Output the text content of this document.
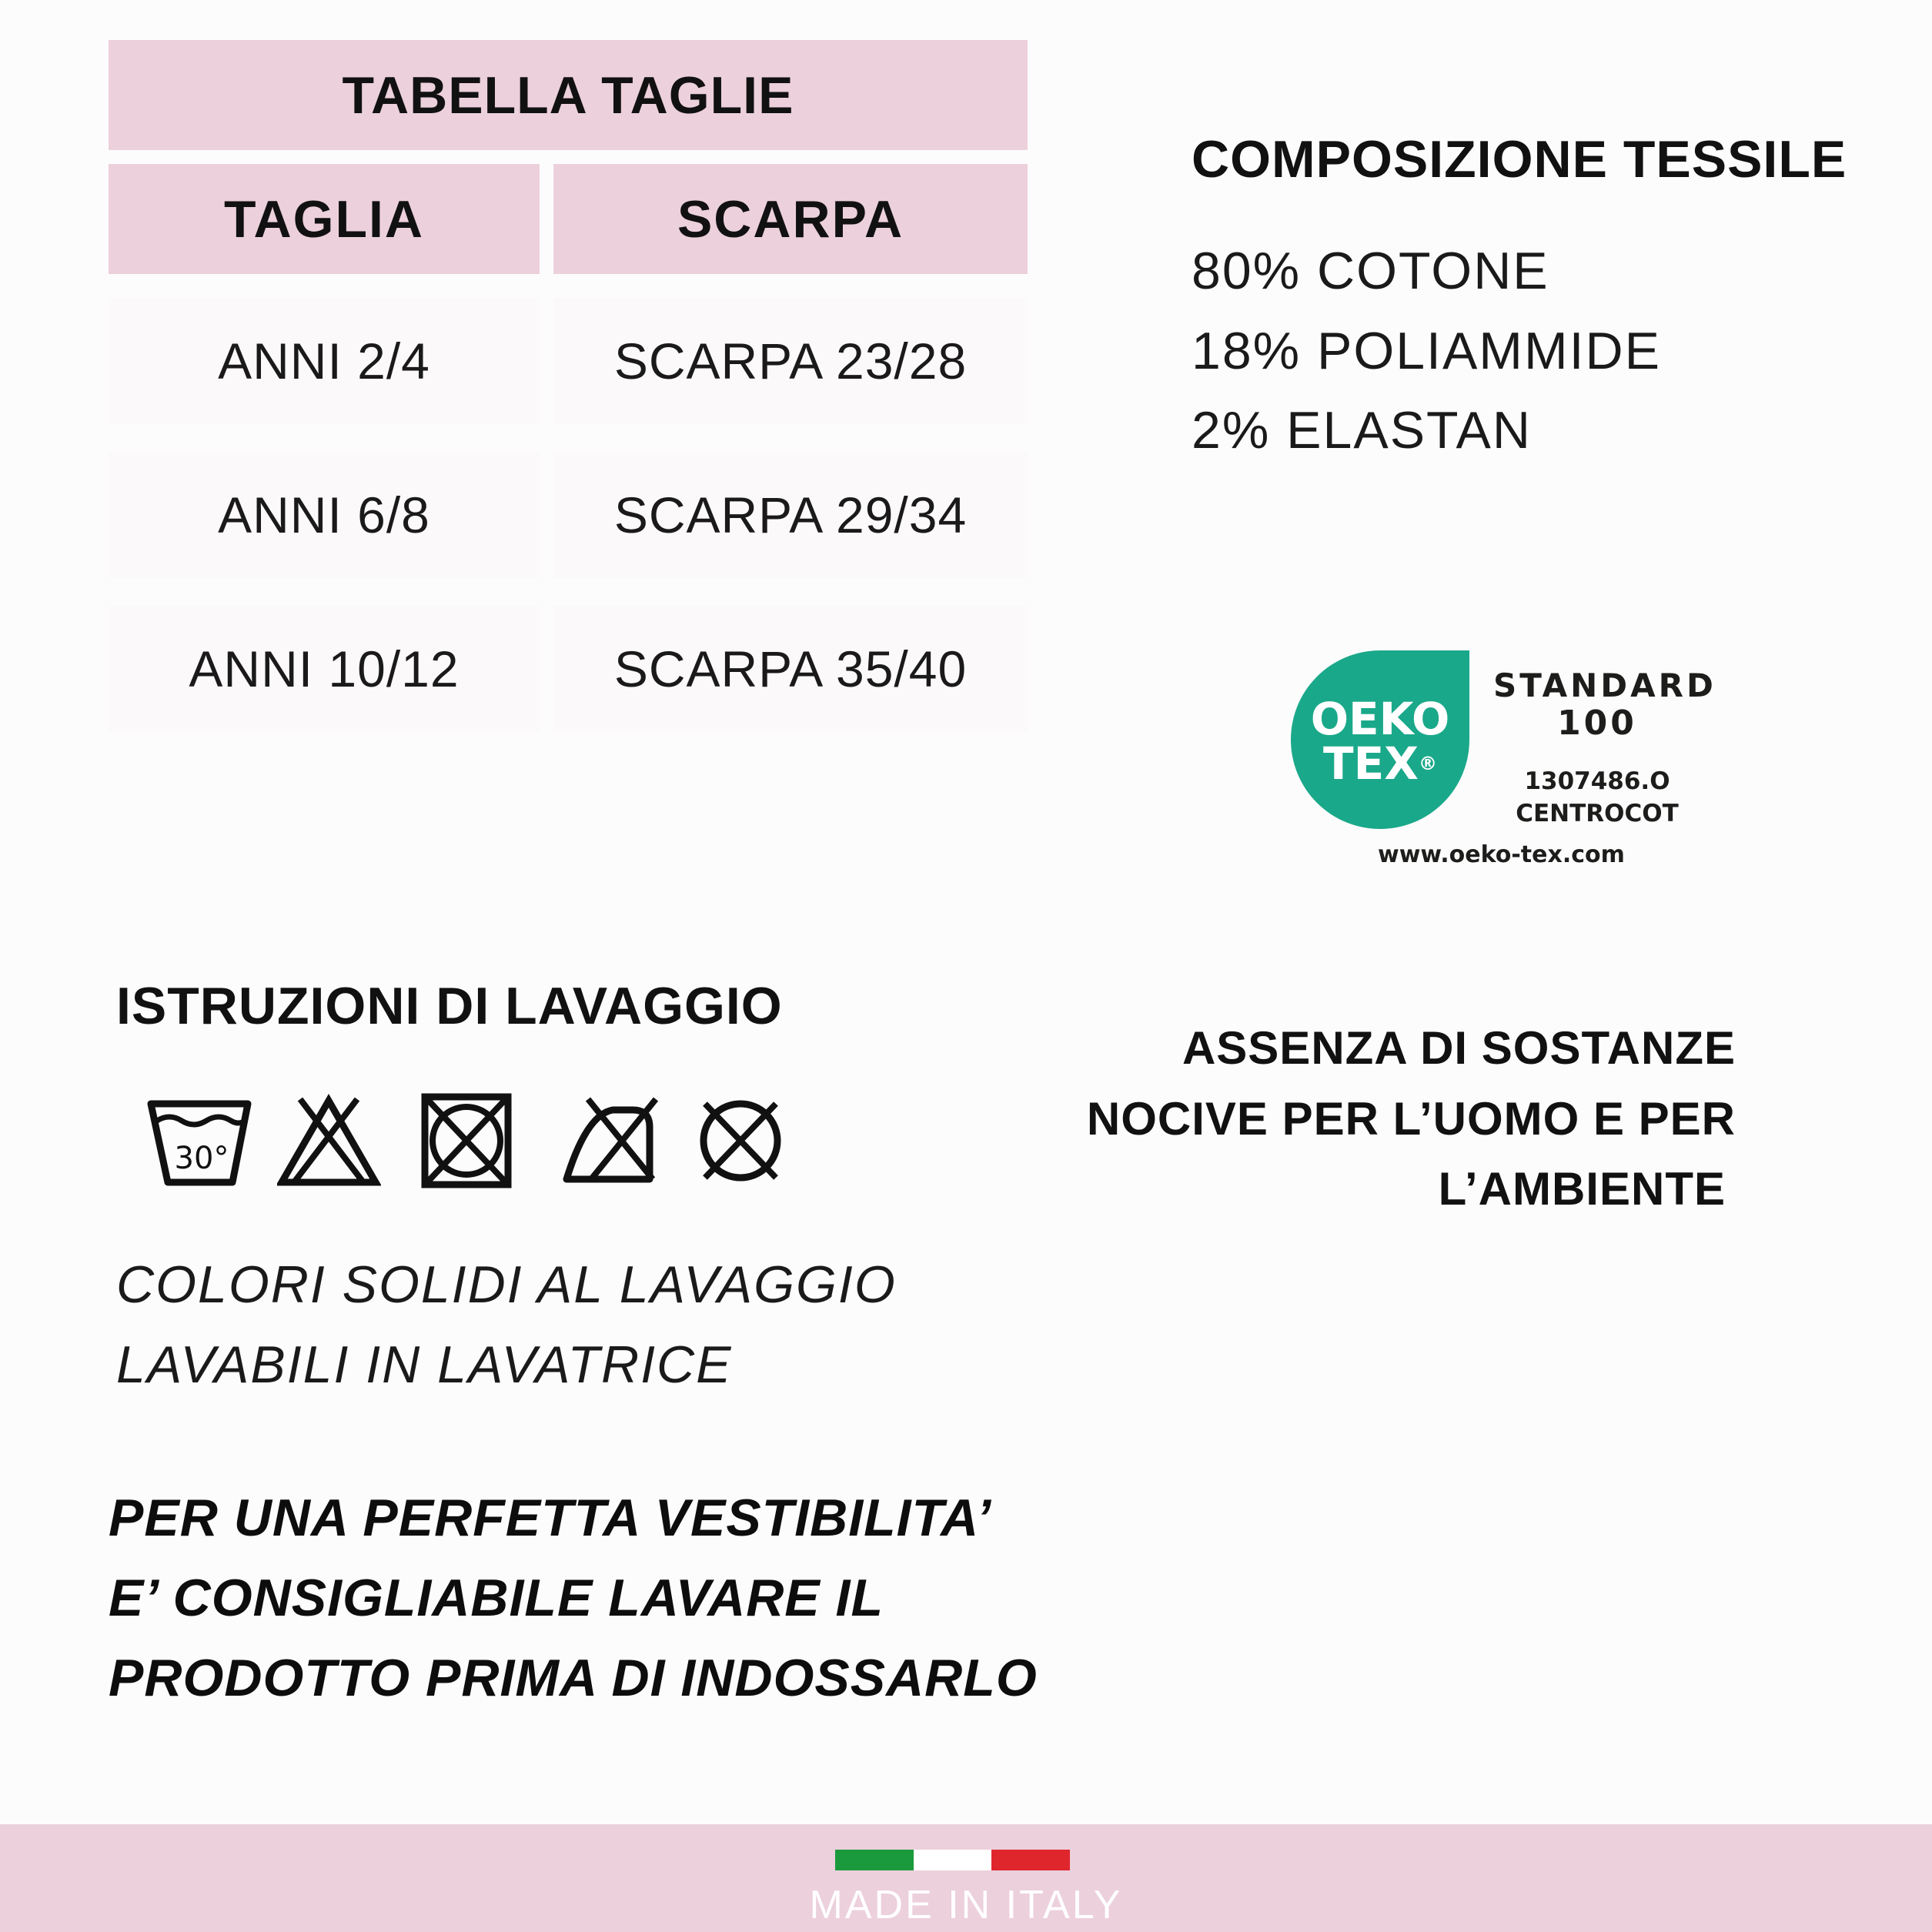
TABELLA TAGLIE
TAGLIA	SCARPA
ANNI 2/4	SCARPA 23/28
ANNI 6/8	SCARPA 29/34
ANNI 10/12	SCARPA 35/40
COMPOSIZIONE TESSILE
80% COTONE
18% POLIAMMIDE
2% ELASTAN
OEKO
TEX®
STANDARD
100
1307486.O
CENTROCOT
www.oeko-tex.com
ISTRUZIONI DI LAVAGGIO
30°
COLORI SOLIDI AL LAVAGGIO
LAVABILI IN LAVATRICE
PER UNA PERFETTA VESTIBILITA’
E’ CONSIGLIABILE LAVARE IL
PRODOTTO PRIMA DI INDOSSARLO
ASSENZA DI SOSTANZE
NOCIVE PER L’UOMO E PER
L’AMBIENTE
MADE IN ITALY
